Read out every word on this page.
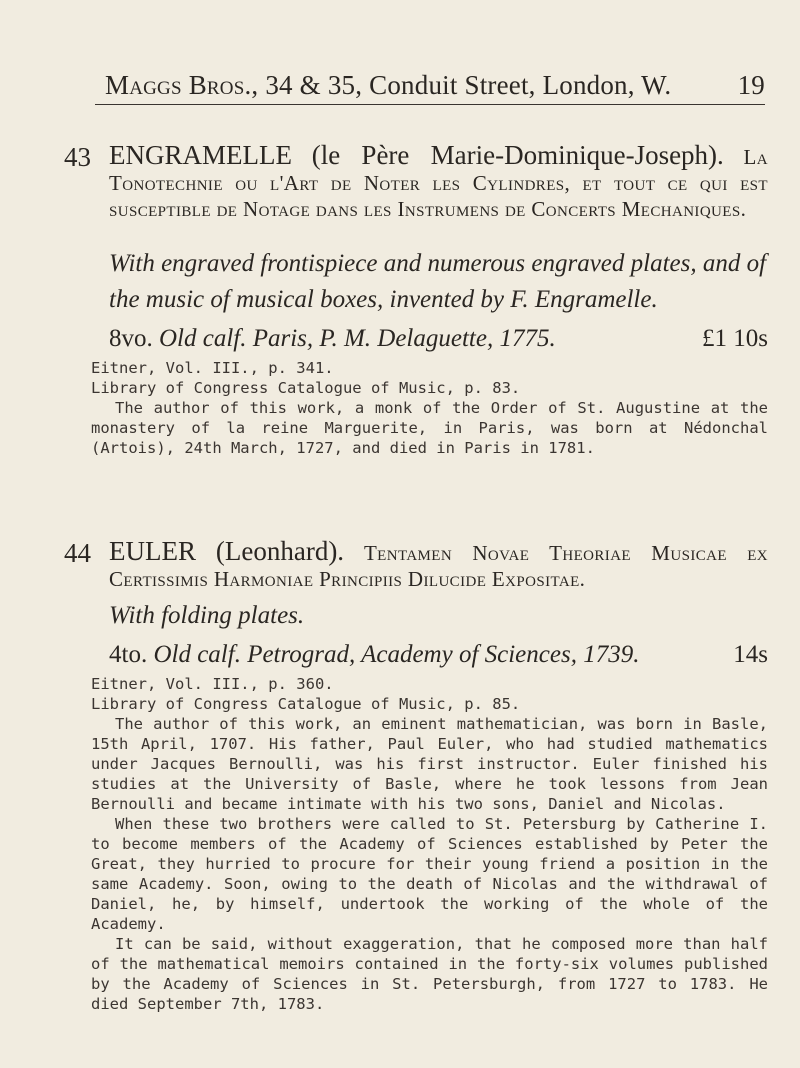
Maggs Bros., 34 & 35, Conduit Street, London, W. 19
43 ENGRAMELLE (le Père Marie-Dominique-Joseph). La Tonotechnie ou l'Art de Noter les Cylindres, et tout ce qui est susceptible de Notage dans les Instrumens de Concerts Mechaniques.

With engraved frontispiece and numerous engraved plates, and of the music of musical boxes, invented by F. Engramelle.

8vo. Old calf. Paris, P. M. Delaguette, 1775.	£1 10s

Eitner, Vol. III., p. 341.

Library of Congress Catalogue of Music, p. 83.

The author of this work, a monk of the Order of St. Augustine at the monastery of la reine Marguerite, in Paris, was born at Nédonchal (Artois), 24th March, 1727, and died in Paris in 1781.

44 EULER (Leonhard). Tentamen Novae Theoriae Musicae ex Certissimis Harmoniae Principiis Dilucide Expositae.

With folding plates.

4to. Old calf. Petrograd, Academy of Sciences, 1739.	14s

Eitner, Vol. III., p. 360.

Library of Congress Catalogue of Music, p. 85.

The author of this work, an eminent mathematician, was born in Basle, 15th April, 1707. His father, Paul Euler, who had studied mathematics under Jacques Bernoulli, was his first instructor. Euler finished his studies at the University of Basle, where he took lessons from Jean Bernoulli and became intimate with his two sons, Daniel and Nicolas.

When these two brothers were called to St. Petersburg by Catherine I. to become members of the Academy of Sciences established by Peter the Great, they hurried to procure for their young friend a position in the same Academy. Soon, owing to the death of Nicolas and the withdrawal of Daniel, he, by himself, undertook the working of the whole of the Academy.

It can be said, without exaggeration, that he composed more than half of the mathematical memoirs contained in the forty-six volumes published by the Academy of Sciences in St. Petersburgh, from 1727 to 1783. He died September 7th, 1783.
